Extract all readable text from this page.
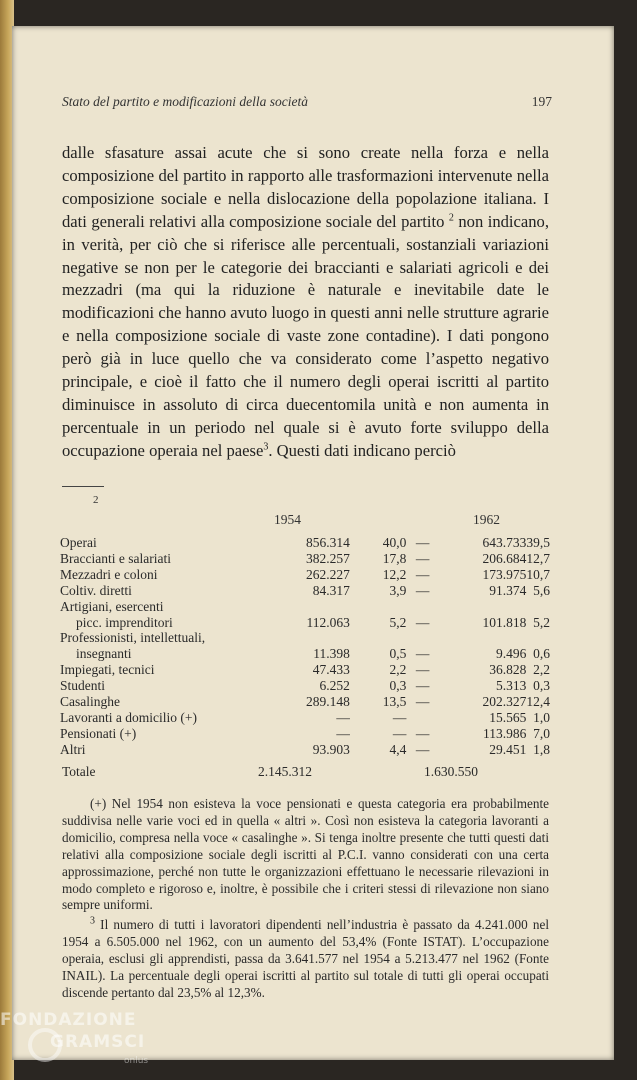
Stato del partito e modificazioni della società	197

dalle sfasature assai acute che si sono create nella forza e nella composizione del partito in rapporto alle trasformazioni intervenute nella composizione sociale e nella dislocazione della popolazione italiana. I dati generali relativi alla composizione sociale del partito $^2$ non indicano, in verità, per ciò che si riferisce alle percentuali, sostanziali variazioni negative se non per le categorie dei braccianti e salariati agricoli e dei mezzadri (ma qui la riduzione è naturale e inevitabile date le modificazioni che hanno avuto luogo in questi anni nelle strutture agrarie e nella composizione sociale di vaste zone contadine). I dati pongono però già in luce quello che va considerato come l’aspetto negativo principale, e cioè il fatto che il numero degli operai iscritti al partito diminuisce in assoluto di circa duecentomila unità e non aumenta in percentuale in un periodo nel quale si è avuto forte sviluppo della occupazione operaia nel paese$^3$. Questi dati indicano perciò

2
1954	1962
Operai	856.314	40,0	—	643.733	39,5
Braccianti e salariati	382.257	17,8	—	206.684	12,7
Mezzadri e coloni	262.227	12,2	—	173.975	10,7
Coltiv. diretti	84.317	3,9	—	91.374	5,6
Artigiani, esercenti					
picc. imprenditori	112.063	5,2	—	101.818	5,2
Professionisti, intellettuali,					
insegnanti	11.398	0,5	—	9.496	0,6
Impiegati, tecnici	47.433	2,2	—	36.828	2,2
Studenti	6.252	0,3	—	5.313	0,3
Casalinghe	289.148	13,5	—	202.327	12,4
Lavoranti a domicilio (+)	—	—		15.565	1,0
Pensionati (+)	—	—	—	113.986	7,0
Altri	93.903	4,4	—	29.451	1,8
Totale	2.145.312	1.630.550

(+) Nel 1954 non esisteva la voce pensionati e questa categoria era probabilmente suddivisa nelle varie voci ed in quella « altri ». Così non esisteva la categoria lavoranti a domicilio, compresa nella voce « casalinghe ». Si tenga inoltre presente che tutti questi dati relativi alla composizione sociale degli iscritti al P.C.I. vanno considerati con una certa approssimazione, perché non tutte le organizzazioni effettuano le necessarie rilevazioni in modo completo e rigoroso e, inoltre, è possibile che i criteri stessi di rilevazione non siano sempre uniformi.

$^3$ Il numero di tutti i lavoratori dipendenti nell’industria è passato da 4.241.000 nel 1954 a 6.505.000 nel 1962, con un aumento del 53,4% (Fonte ISTAT). L’occupazione operaia, esclusi gli apprendisti, passa da 3.641.577 nel 1954 a 5.213.477 nel 1962 (Fonte INAIL). La percentuale degli operai iscritti al partito sul totale di tutti gli operai occupati discende pertanto dal 23,5% al 12,3%.

FONDAZIONE
GRAMSCI
onlus
